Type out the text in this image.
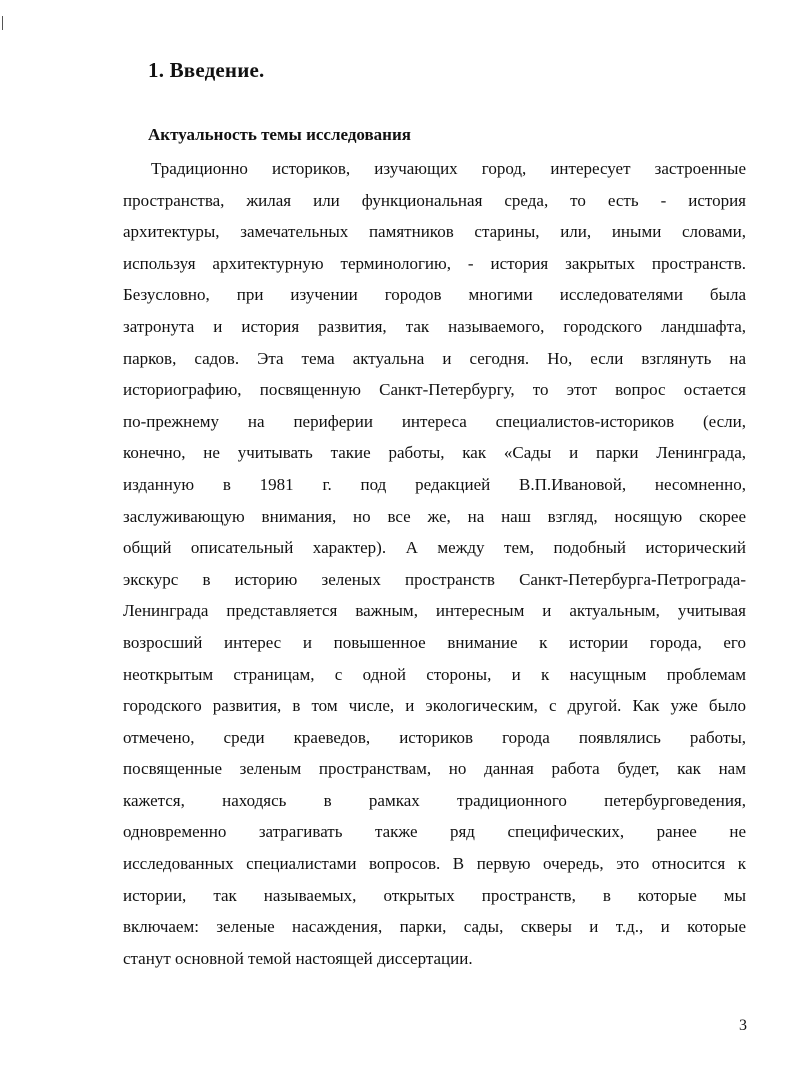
1. Введение.
Актуальность темы исследования
Традиционно историков, изучающих город, интересует застроенные
пространства, жилая или функциональная среда, то есть - история
архитектуры, замечательных памятников старины, или, иными словами,
используя архитектурную терминологию, - история закрытых пространств.
Безусловно, при изучении городов многими исследователями была
затронута и история развития, так называемого, городского ландшафта,
парков, садов. Эта тема актуальна и сегодня. Но, если взглянуть на
историографию, посвященную Санкт-Петербургу, то этот вопрос остается
по-прежнему на периферии интереса специалистов-историков (если,
конечно, не учитывать такие работы, как «Сады и парки Ленинграда,
изданную в 1981 г. под редакцией В.П.Ивановой, несомненно,
заслуживающую внимания, но все же, на наш взгляд, носящую скорее
общий описательный характер). А между тем, подобный исторический
экскурс в историю зеленых пространств Санкт-Петербурга-Петрограда-
Ленинграда представляется важным, интересным и актуальным, учитывая
возросший интерес и повышенное внимание к истории города, его
неоткрытым страницам, с одной стороны, и к насущным проблемам
городского развития, в том числе, и экологическим, с другой. Как уже было
отмечено, среди краеведов, историков города появлялись работы,
посвященные зеленым пространствам, но данная работа будет, как нам
кажется, находясь в рамках традиционного петербурговедения,
одновременно затрагивать также ряд специфических, ранее не
исследованных специалистами вопросов. В первую очередь, это относится к
истории, так называемых, открытых пространств, в которые мы
включаем: зеленые насаждения, парки, сады, скверы и т.д., и которые
станут основной темой настоящей диссертации.

3
